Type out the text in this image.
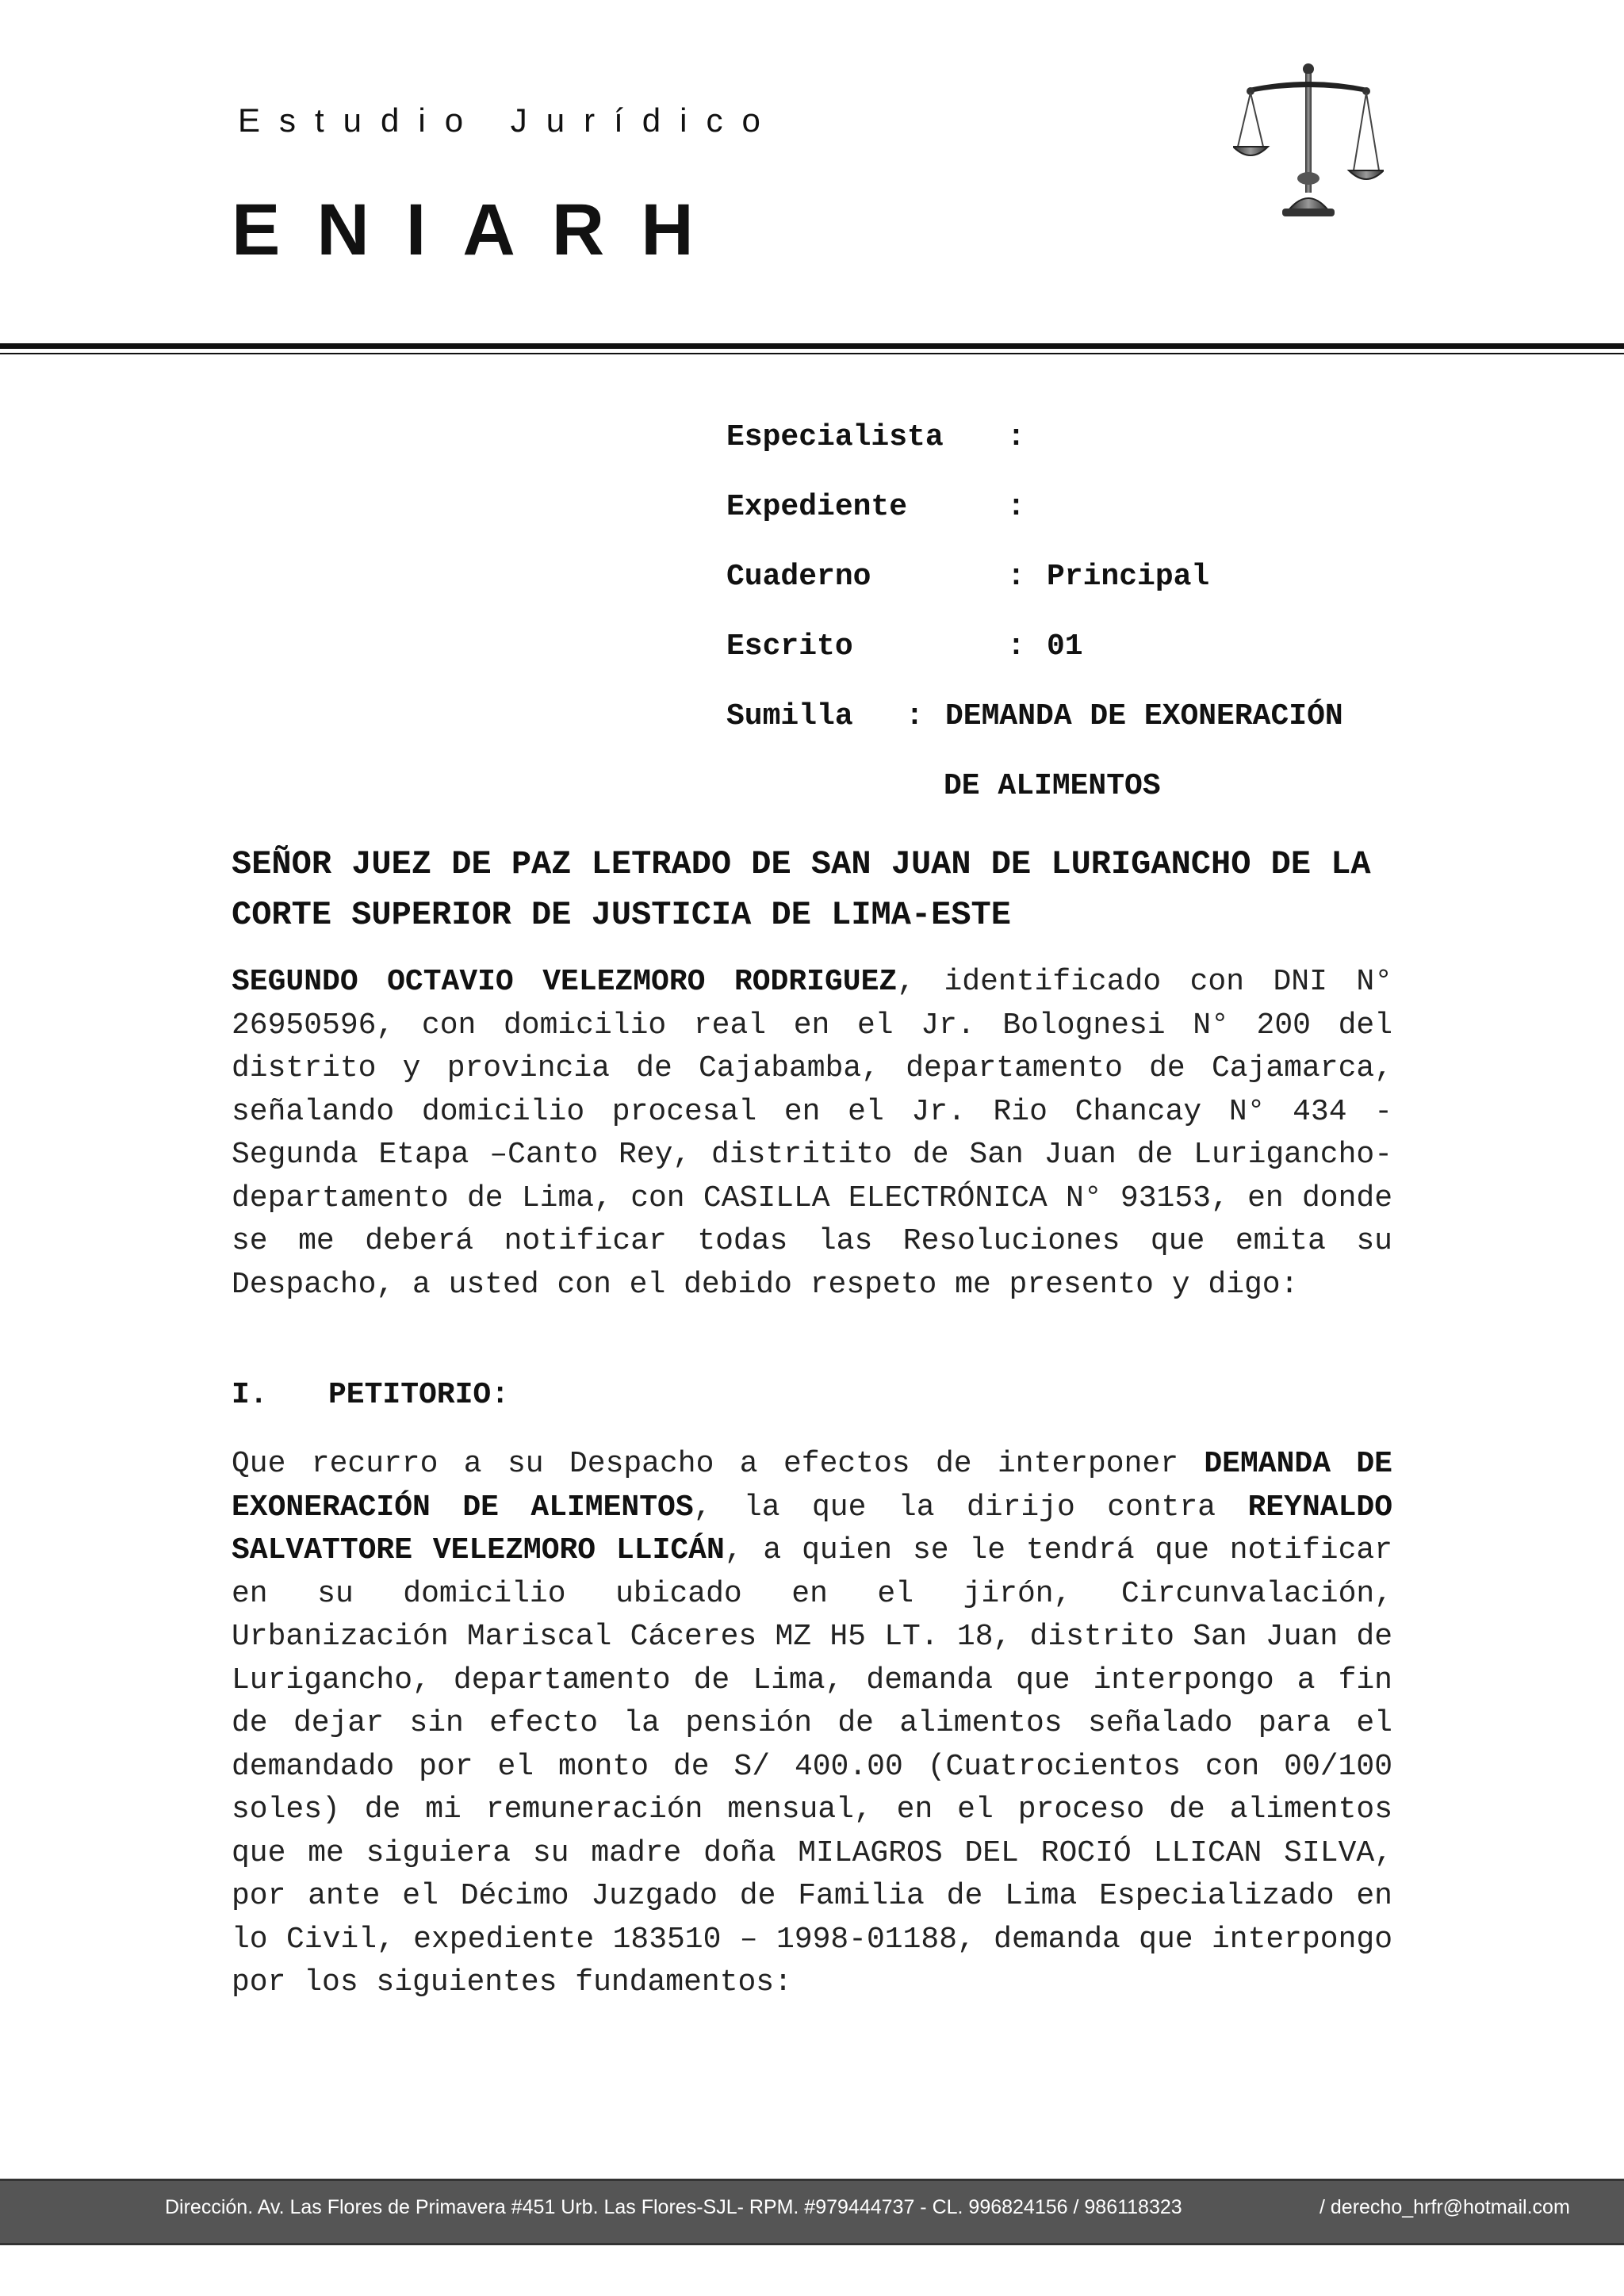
Estudio Jurídico
ENIARH
Especialista :
Expediente	:
Cuaderno	: Principal
Escrito	: 01
Sumilla : DEMANDA DE EXONERACIÓN
DE ALIMENTOS
SEÑOR JUEZ DE PAZ LETRADO DE SAN JUAN DE LURIGANCHO DE LA CORTE SUPERIOR DE JUSTICIA DE LIMA-ESTE
SEGUNDO OCTAVIO VELEZMORO RODRIGUEZ, identificado con DNI N° 26950596, con domicilio real en el Jr. Bolognesi N° 200 del distrito y provincia de Cajabamba, departamento de Cajamarca, señalando domicilio procesal en el Jr. Rio Chancay N° 434 -Segunda Etapa –Canto Rey, distritito de San Juan de Lurigancho- departamento de Lima, con CASILLA ELECTRÓNICA N° 93153, en donde se me deberá notificar todas las Resoluciones que emita su Despacho, a usted con el debido respeto me presento y digo:
I. PETITORIO:
Que recurro a su Despacho a efectos de interponer DEMANDA DE EXONERACIÓN DE ALIMENTOS, la que la dirijo contra REYNALDO SALVATTORE VELEZMORO LLICÁN, a quien se le tendrá que notificar en su domicilio ubicado en el jirón, Circunvalación, Urbanización Mariscal Cáceres MZ H5 LT. 18, distrito San Juan de Lurigancho, departamento de Lima, demanda que interpongo a fin de dejar sin efecto la pensión de alimentos señalado para el demandado por el monto de S/ 400.00 (Cuatrocientos con 00/100 soles) de mi remuneración mensual, en el proceso de alimentos que me siguiera su madre doña MILAGROS DEL ROCIÓ LLICAN SILVA, por ante el Décimo Juzgado de Familia de Lima Especializado en lo Civil, expediente 183510 – 1998-01188, demanda que interpongo por los siguientes fundamentos:
Dirección. Av. Las Flores de Primavera #451 Urb. Las Flores-SJL- RPM. #979444737 - CL. 996824156 / 986118323	/ derecho_hrfr@hotmail.com
